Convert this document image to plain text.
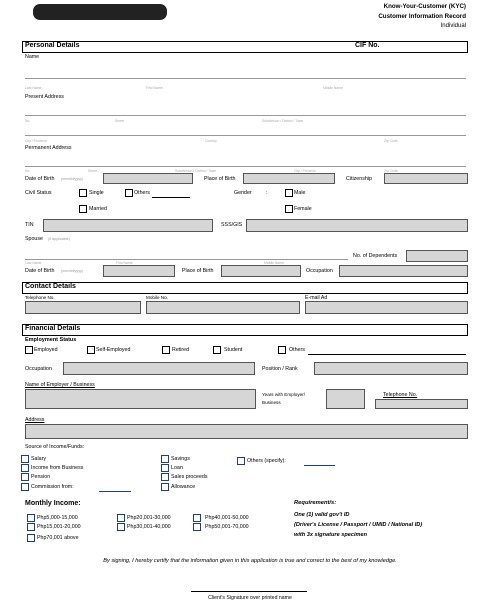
Know-Your-Customer (KYC)
Customer Information Record
Individual
Personal Details	CIF No.
Name
Last Name	First Name	Middle Name
Present Address
No.	Street	Subdivision / District / Town
City / Province	Country	Zip Code
Permanent Address
No.	Street	Subdivision / District / Town	City / Province	Zip Code
Date of Birth (mm/dd/yyyy)	Place of Birth	Citizenship
Civil Status	Single	Others	Gender	:	Male
Married	Female
TIN	SSS/GIS
Spouse (if applicable)
No. of Dependents
Last Name	First Name	Middle Name
Date of Birth (mm/dd/yyyy)	Place of Birth	Occupation
Contact Details
Telephone No.	Mobile No.	E-mail Ad
Financial Details
Employment Status
Employed	Self-Employed	Retired	Student	Others
Occupation	Position / Rank
Name of Employer / Business
Years with Employer/
Business
Telephone No.
Address
Source of Income/Funds:
Salary
Income from Business
Pension
Commission from:
Savings
Loan
Sales proceeds
Allowance
Others (specify):
Monthly Income:
Php5,000-15,000
Php15,001-20,000
Php70,001 above
Php20,001-30,000
Php30,001-40,000
Php40,001-50,000
Php50,001-70,000
Requirement/s:
One (1) valid gov't ID
(Driver's License / Passport / UMID / National ID)
with 3x signature specimen
By signing, I hereby certify that the information given in this application is true and correct to the best of my knowledge.
Client's Signature over printed name
